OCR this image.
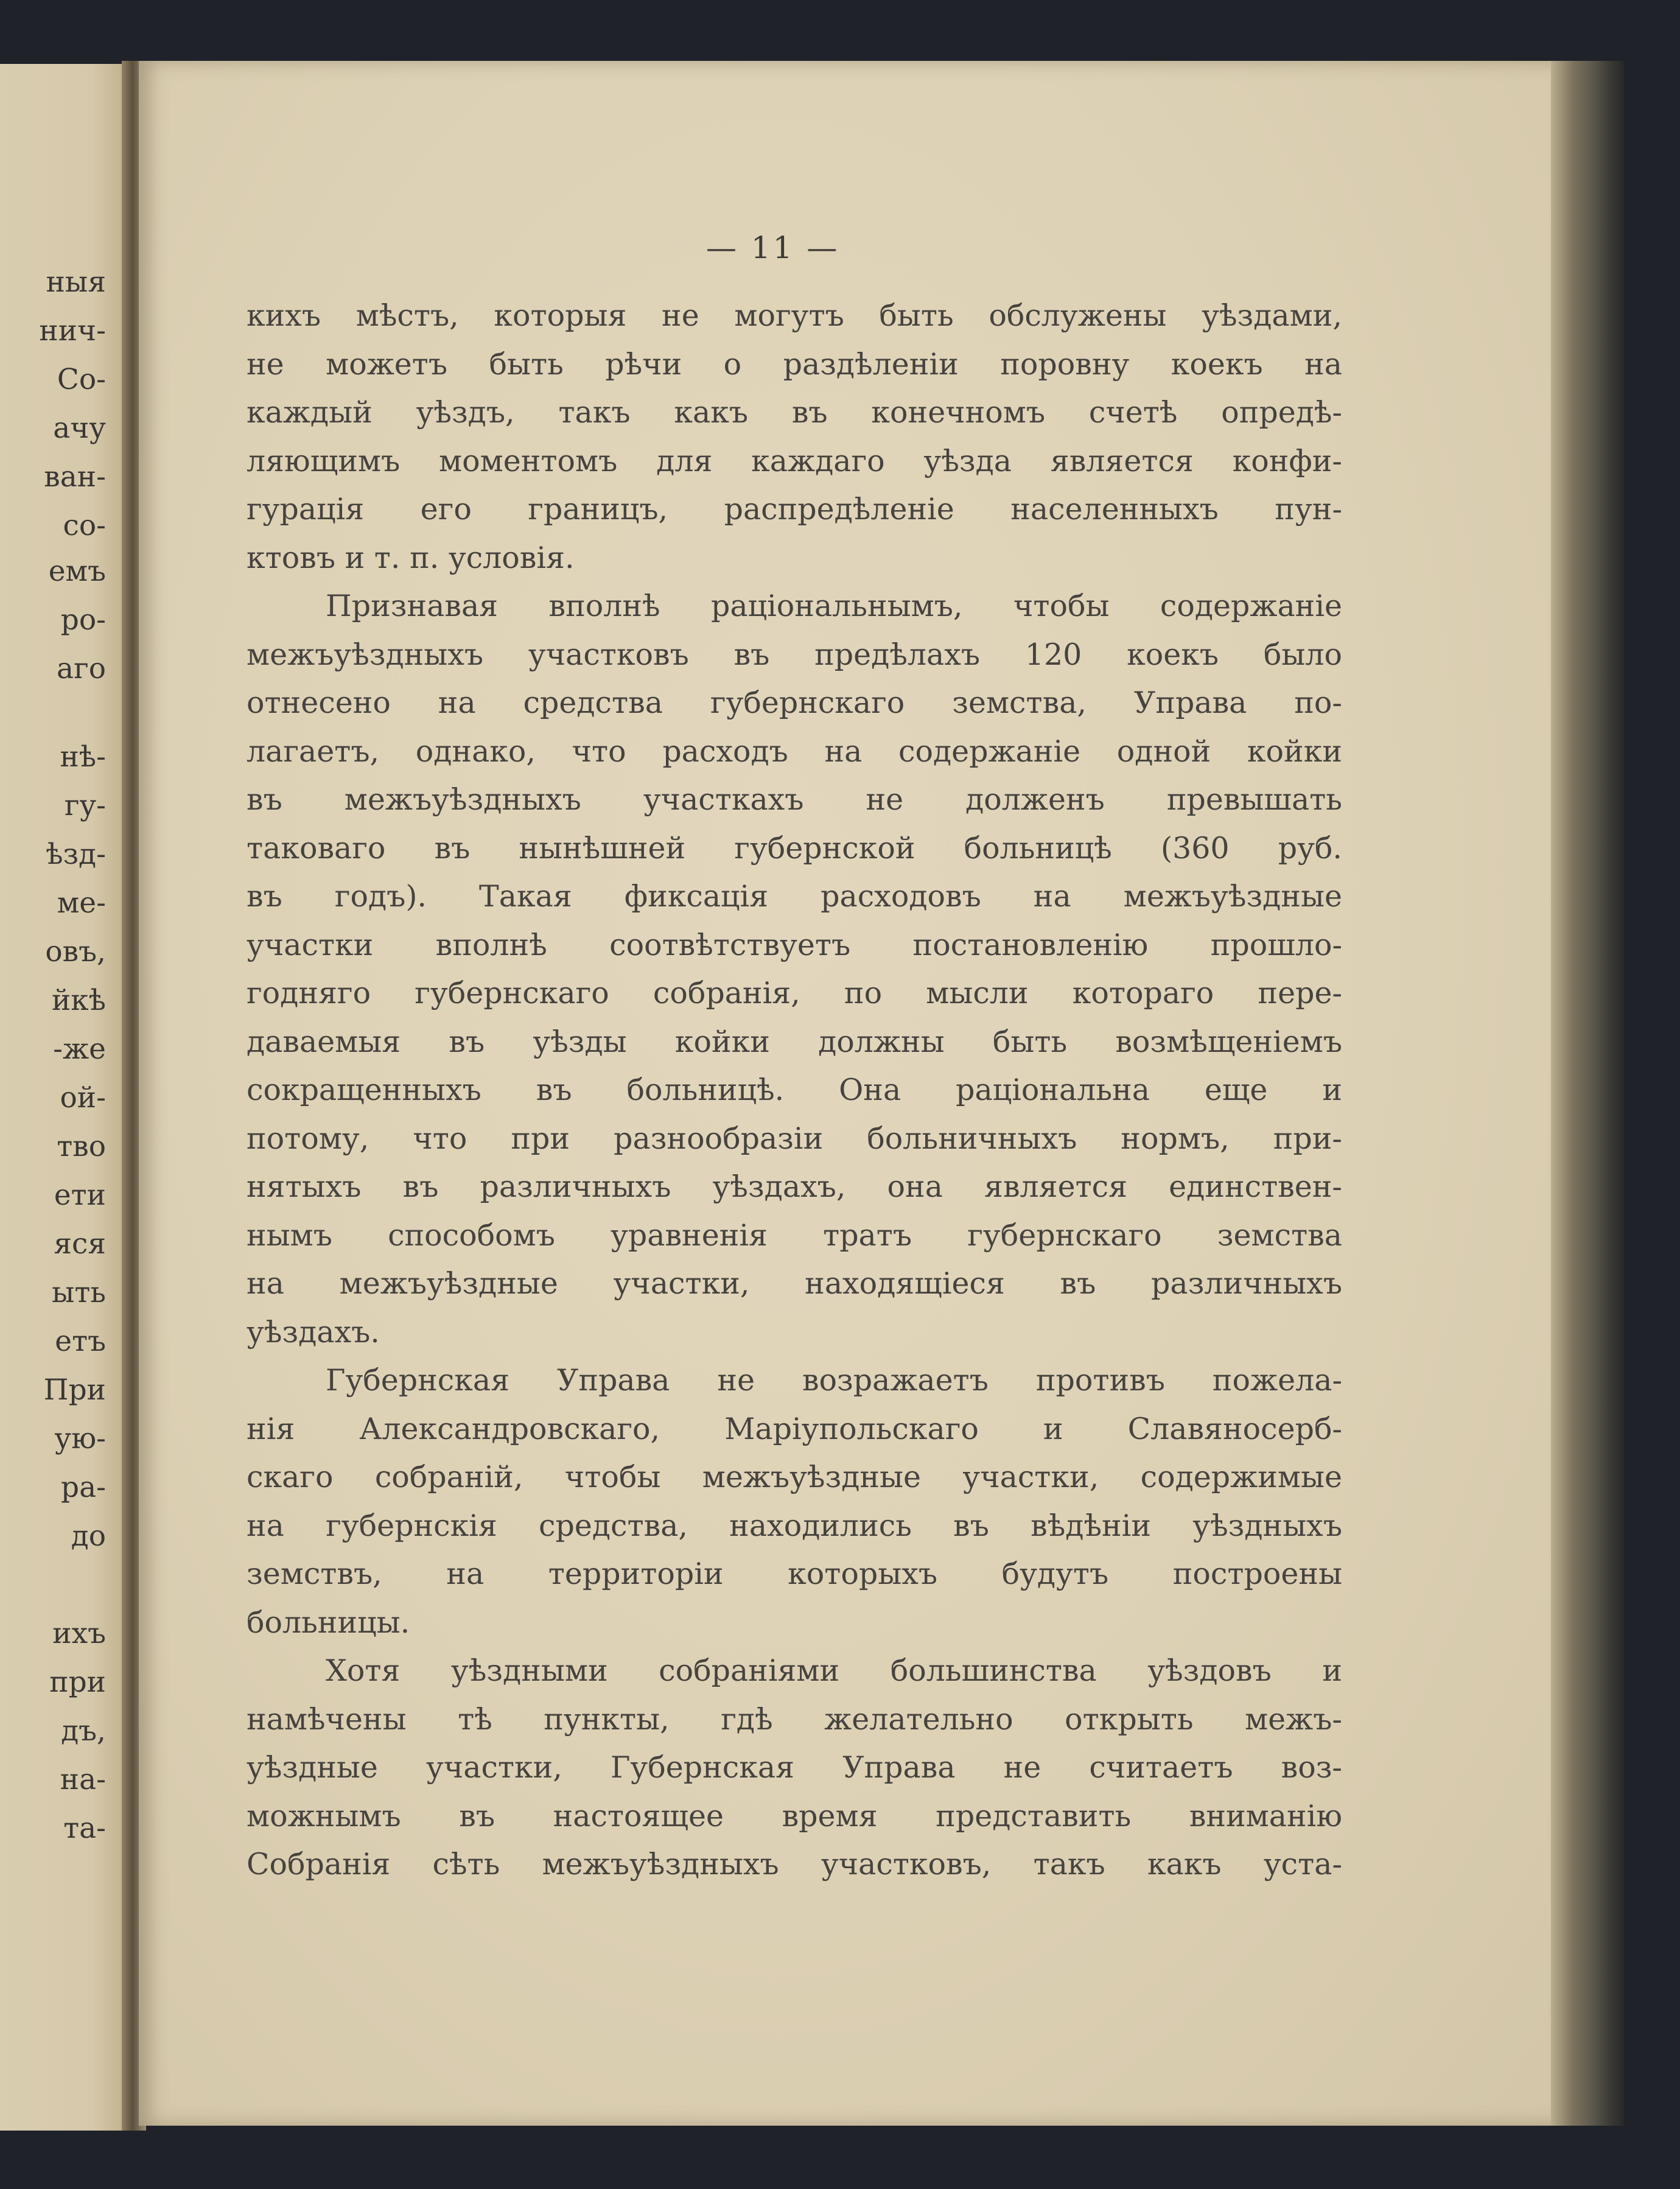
ныя
нич-
Со-
ачу
ван-
со-
емъ
ро-
аго
нѣ-
гу-
ѣзд-
ме-
овъ,
йкѣ
-же
ой-
тво
ети
яся
ыть
етъ
При
ую-
ра-
до
ихъ
при
дъ,
на-
та-
— 11 —
кихъ мѣстъ, которыя не могутъ быть обслужены уѣздами,
не можетъ быть рѣчи о раздѣленіи поровну коекъ на
каждый уѣздъ, такъ какъ въ конечномъ счетѣ опредѣ-
ляющимъ моментомъ для каждаго уѣзда является конфи-
гурація его границъ, распредѣленіе населенныхъ пун-
ктовъ и т. п. условія.
Признавая вполнѣ раціональнымъ, чтобы содержаніе
межъуѣздныхъ участковъ въ предѣлахъ 120 коекъ было
отнесено на средства губернскаго земства, Управа по-
лагаетъ, однако, что расходъ на содержаніе одной койки
въ межъуѣздныхъ участкахъ не долженъ превышать
таковаго въ нынѣшней губернской больницѣ (360 руб.
въ годъ). Такая фиксація расходовъ на межъуѣздные
участки вполнѣ соотвѣтствуетъ постановленію прошло-
годняго губернскаго собранія, по мысли котораго пере-
даваемыя въ уѣзды койки должны быть возмѣщеніемъ
сокращенныхъ въ больницѣ. Она раціональна еще и
потому, что при разнообразіи больничныхъ нормъ, при-
нятыхъ въ различныхъ уѣздахъ, она является единствен-
нымъ способомъ уравненія тратъ губернскаго земства
на межъуѣздные участки, находящіеся въ различныхъ
уѣздахъ.
Губернская Управа не возражаетъ противъ пожела-
нія Александровскаго, Маріупольскаго и Славяносерб-
скаго собраній, чтобы межъуѣздные участки, содержимые
на губернскія средства, находились въ вѣдѣніи уѣздныхъ
земствъ, на территоріи которыхъ будутъ построены
больницы.
Хотя уѣздными собраніями большинства уѣздовъ и
намѣчены тѣ пункты, гдѣ желательно открыть межъ-
уѣздные участки, Губернская Управа не считаетъ воз-
можнымъ въ настоящее время представить вниманію
Собранія сѣть межъуѣздныхъ участковъ, такъ какъ уста-
